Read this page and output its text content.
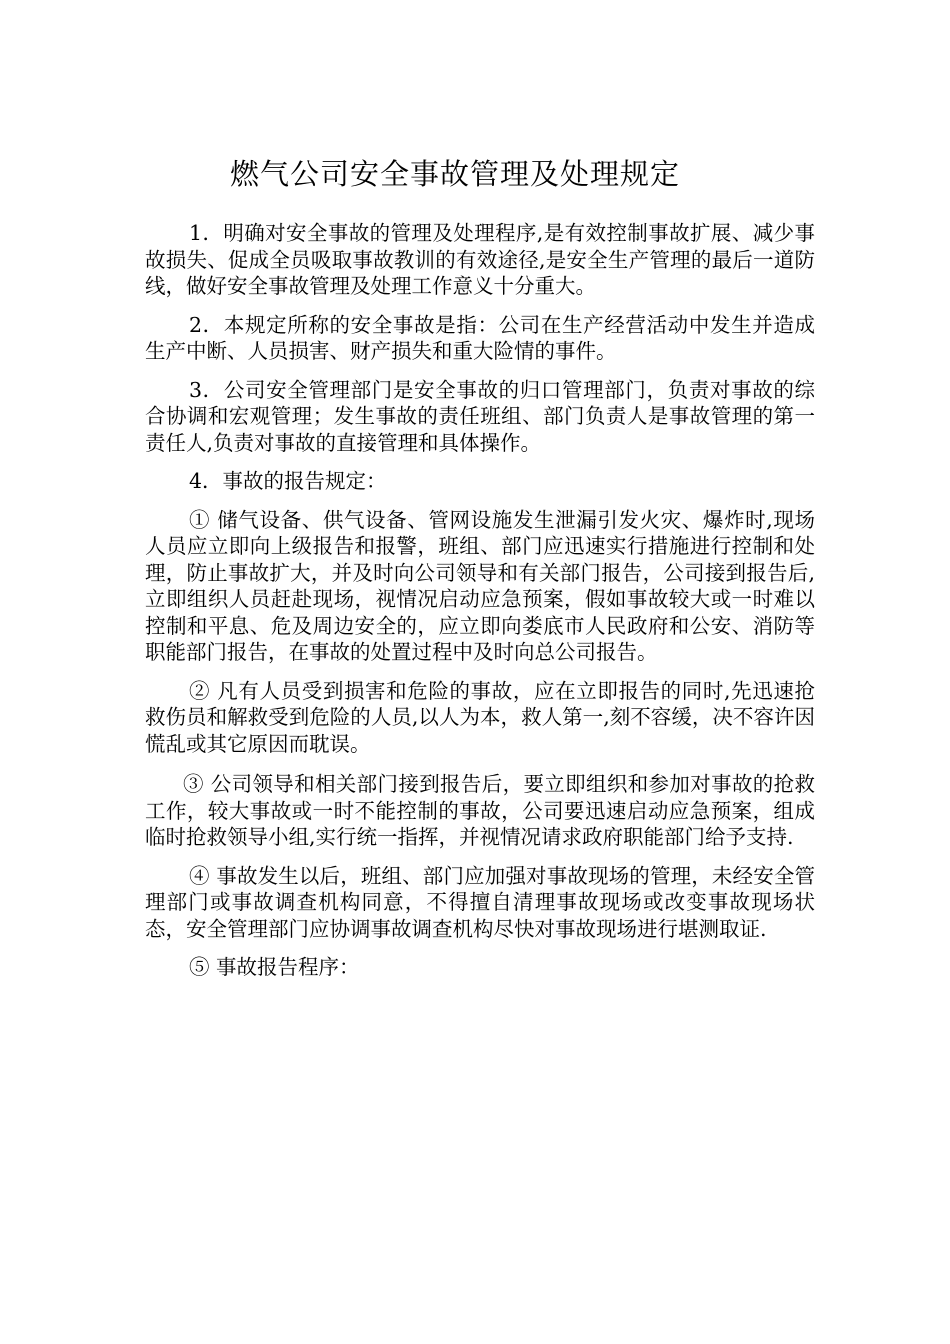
燃气公司安全事故管理及处理规定

1．明确对安全事故的管理及处理程序,是有效控制事故扩展、减少事故损失、促成全员吸取事故教训的有效途径,是安全生产管理的最后一道防线，做好安全事故管理及处理工作意义十分重大。

2．本规定所称的安全事故是指：公司在生产经营活动中发生并造成生产中断、人员损害、财产损失和重大险情的事件。

3．公司安全管理部门是安全事故的归口管理部门，负责对事故的综合协调和宏观管理；发生事故的责任班组、部门负责人是事故管理的第一责任人,负责对事故的直接管理和具体操作。

4．事故的报告规定：

① 储气设备、供气设备、管网设施发生泄漏引发火灾、爆炸时,现场人员应立即向上级报告和报警，班组、部门应迅速实行措施进行控制和处理，防止事故扩大，并及时向公司领导和有关部门报告，公司接到报告后,立即组织人员赶赴现场，视情况启动应急预案，假如事故较大或一时难以控制和平息、危及周边安全的，应立即向娄底市人民政府和公安、消防等职能部门报告，在事故的处置过程中及时向总公司报告。

② 凡有人员受到损害和危险的事故，应在立即报告的同时,先迅速抢救伤员和解救受到危险的人员,以人为本，救人第一,刻不容缓，决不容许因慌乱或其它原因而耽误。

③ 公司领导和相关部门接到报告后，要立即组织和参加对事故的抢救工作，较大事故或一时不能控制的事故，公司要迅速启动应急预案，组成临时抢救领导小组,实行统一指挥，并视情况请求政府职能部门给予支持.

④ 事故发生以后，班组、部门应加强对事故现场的管理，未经安全管理部门或事故调查机构同意，不得擅自清理事故现场或改变事故现场状态，安全管理部门应协调事故调查机构尽快对事故现场进行堪测取证.

⑤ 事故报告程序：
